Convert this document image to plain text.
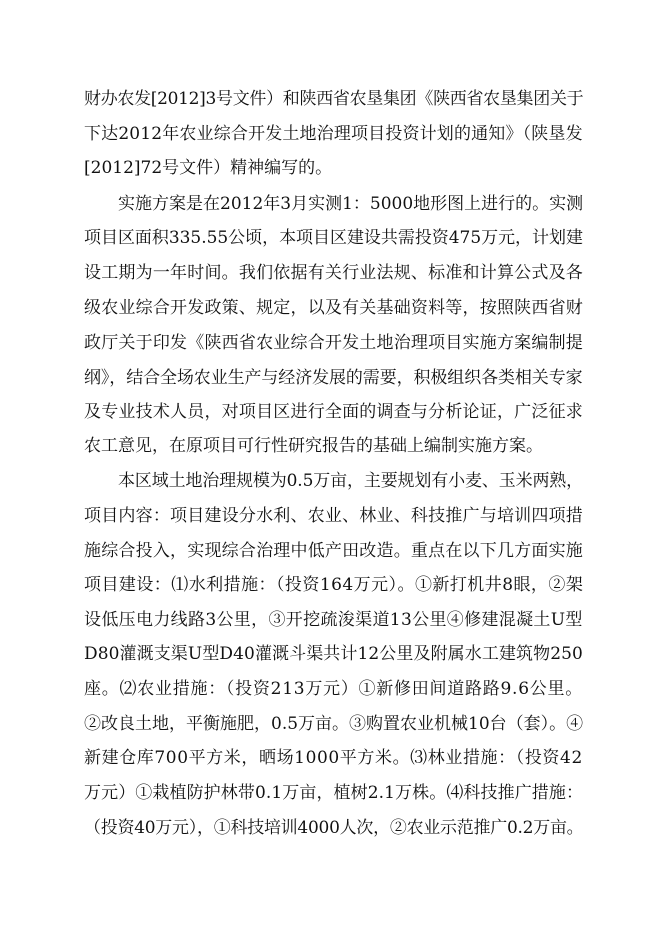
财办农发[2012]3号文件）和陕西省农垦集团《陕西省农垦集团关于
下达2012年农业综合开发土地治理项目投资计划的通知》（陕垦发
[2012]72号文件）精神编写的。
实施方案是在2012年3月实测1：5000地形图上进行的。实测
项目区面积335.55公顷，本项目区建设共需投资475万元，计划建
设工期为一年时间。我们依据有关行业法规、标准和计算公式及各
级农业综合开发政策、规定，以及有关基础资料等，按照陕西省财
政厅关于印发《陕西省农业综合开发土地治理项目实施方案编制提
纲》，结合全场农业生产与经济发展的需要，积极组织各类相关专家
及专业技术人员，对项目区进行全面的调查与分析论证，广泛征求
农工意见，在原项目可行性研究报告的基础上编制实施方案。
本区域土地治理规模为0.5万亩，主要规划有小麦、玉米两熟，
项目内容：项目建设分水利、农业、林业、科技推广与培训四项措
施综合投入，实现综合治理中低产田改造。重点在以下几方面实施
项目建设：⑴水利措施：（投资164万元）。①新打机井8眼，②架
设低压电力线路3公里，③开挖疏浚渠道13公里④修建混凝土U型
D80灌溉支渠U型D40灌溉斗渠共计12公里及附属水工建筑物250
座。⑵农业措施：（投资213万元）①新修田间道路路9.6公里。
②改良土地，平衡施肥，0.5万亩。③购置农业机械10台（套）。④
新建仓库700平方米，晒场1000平方米。⑶林业措施：（投资42
万元）①栽植防护林带0.1万亩，植树2.1万株。⑷科技推广措施：
（投资40万元），①科技培训4000人次，②农业示范推广0.2万亩。
